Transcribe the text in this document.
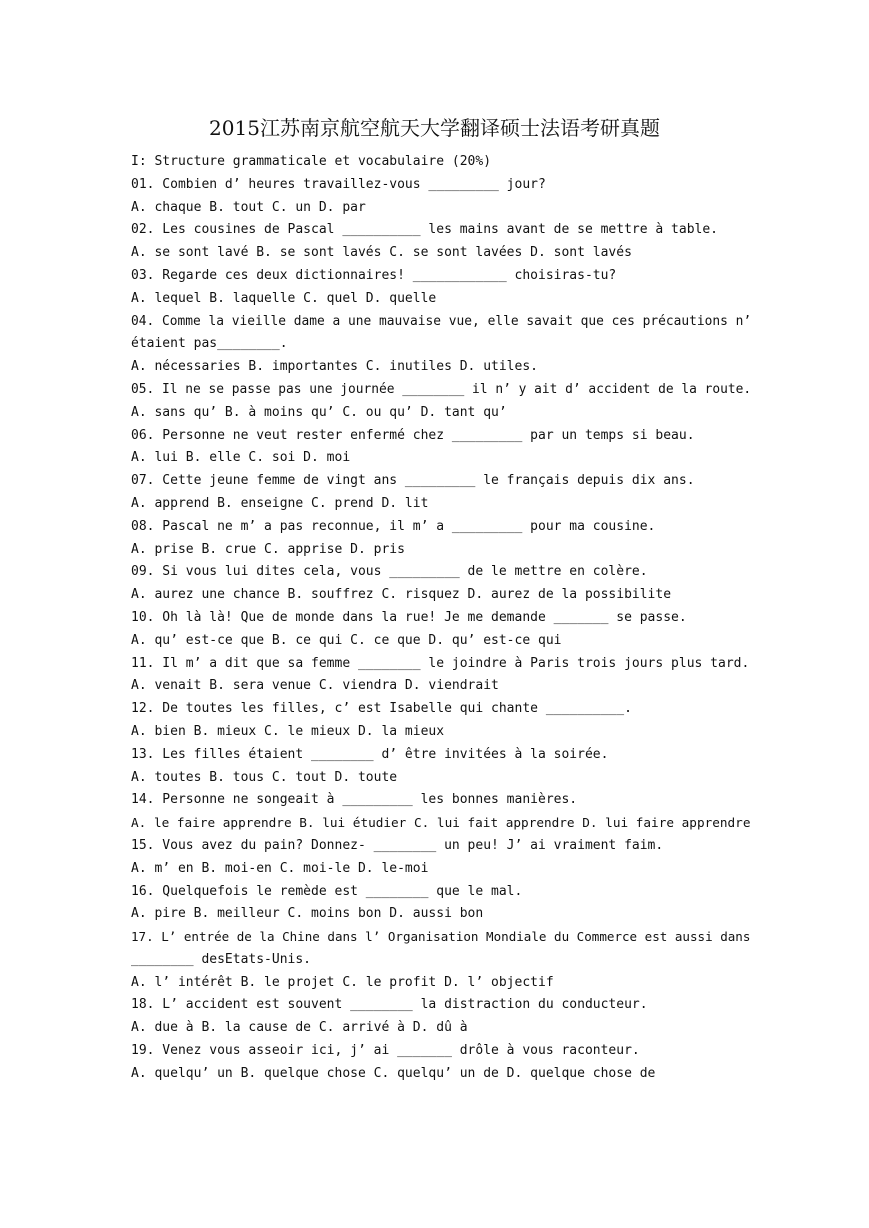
2015江苏南京航空航天大学翻译硕士法语考研真题
I: Structure grammaticale et vocabulaire (20%)
01. Combien d’ heures travaillez-vous _________ jour?
A. chaque B. tout C. un D. par
02. Les cousines de Pascal __________ les mains avant de se mettre à table.
A. se sont lavé B. se sont lavés C. se sont lavées D. sont lavés
03. Regarde ces deux dictionnaires! ____________ choisiras-tu?
A. lequel B. laquelle C. quel D. quelle
04. Comme la vieille dame a une mauvaise vue, elle savait que ces précautions n’
étaient pas________.
A. nécessaries B. importantes C. inutiles D. utiles.
05. Il ne se passe pas une journée ________ il n’ y ait d’ accident de la route.
A. sans qu’ B. à moins qu’ C. ou qu’ D. tant qu’
06. Personne ne veut rester enfermé chez _________ par un temps si beau.
A. lui B. elle C. soi D. moi
07. Cette jeune femme de vingt ans _________ le français depuis dix ans.
A. apprend B. enseigne C. prend D. lit
08. Pascal ne m’ a pas reconnue, il m’ a _________ pour ma cousine.
A. prise B. crue C. apprise D. pris
09. Si vous lui dites cela, vous _________ de le mettre en colère.
A. aurez une chance B. souffrez C. risquez D. aurez de la possibilite
10. Oh là là! Que de monde dans la rue! Je me demande _______ se passe.
A. qu’ est-ce que B. ce qui C. ce que D. qu’ est-ce qui
11. Il m’ a dit que sa femme ________ le joindre à Paris trois jours plus tard.
A. venait B. sera venue C. viendra D. viendrait
12. De toutes les filles, c’ est Isabelle qui chante __________.
A. bien B. mieux C. le mieux D. la mieux
13. Les filles étaient ________ d’ être invitées à la soirée.
A. toutes B. tous C. tout D. toute
14. Personne ne songeait à _________ les bonnes manières.
A. le faire apprendre B. lui étudier C. lui fait apprendre D. lui faire apprendre
15. Vous avez du pain? Donnez- ________ un peu! J’ ai vraiment faim.
A. m’ en B. moi-en C. moi-le D. le-moi
16. Quelquefois le remède est ________ que le mal.
A. pire B. meilleur C. moins bon D. aussi bon
17. L’ entrée de la Chine dans l’ Organisation Mondiale du Commerce est aussi dans
________ desEtats-Unis.
A. l’ intérêt B. le projet C. le profit D. l’ objectif
18. L’ accident est souvent ________ la distraction du conducteur.
A. due à B. la cause de C. arrivé à D. dû à
19. Venez vous asseoir ici, j’ ai _______ drôle à vous raconteur.
A. quelqu’ un B. quelque chose C. quelqu’ un de D. quelque chose de
